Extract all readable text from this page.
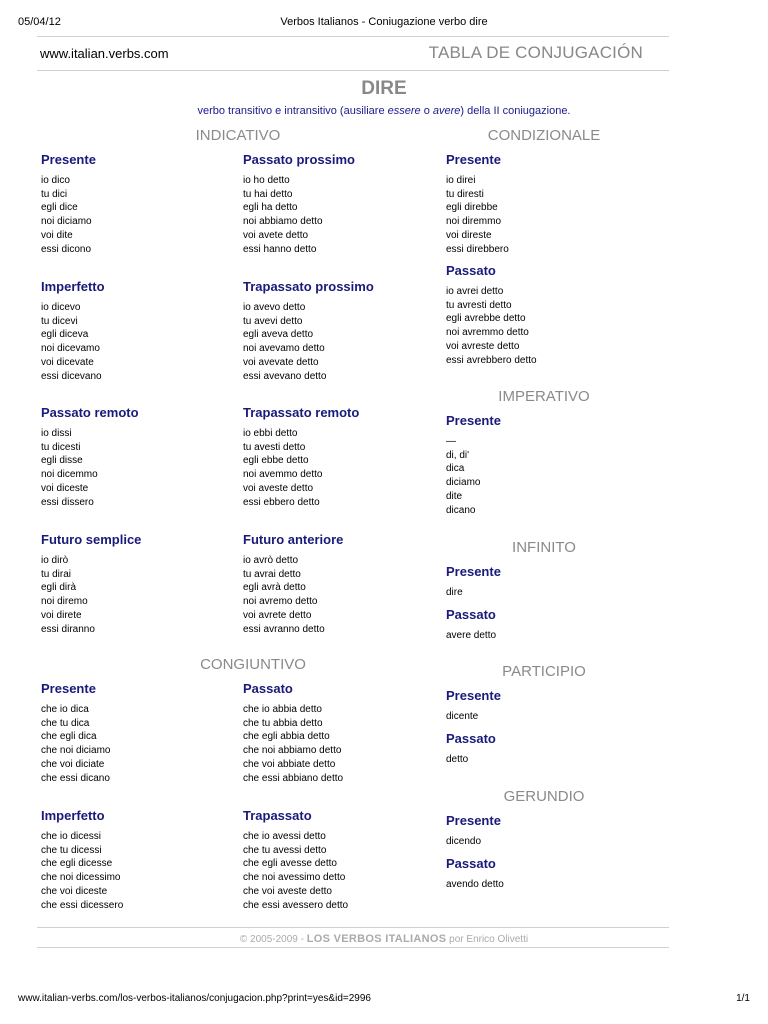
05/04/12	Verbos Italianos - Coniugazione verbo dire
www.italian.verbs.com	TABLA DE CONJUGACIÓN
DIRE
verbo transitivo e intransitivo (ausiliare essere o avere) della II coniugazione.
INDICATIVO
CONGIUNTIVO
CONDIZIONALE
IMPERATIVO
INFINITO
PARTICIPIO
GERUNDIO
Presente
io dico
tu dici
egli dice
noi diciamo
voi dite
essi dicono
Passato prossimo
io ho detto
tu hai detto
egli ha detto
noi abbiamo detto
voi avete detto
essi hanno detto
Imperfetto
io dicevo
tu dicevi
egli diceva
noi dicevamo
voi dicevate
essi dicevano
Trapassato prossimo
io avevo detto
tu avevi detto
egli aveva detto
noi avevamo detto
voi avevate detto
essi avevano detto
Passato remoto
io dissi
tu dicesti
egli disse
noi dicemmo
voi diceste
essi dissero
Trapassato remoto
io ebbi detto
tu avesti detto
egli ebbe detto
noi avemmo detto
voi aveste detto
essi ebbero detto
Futuro semplice
io dirò
tu dirai
egli dirà
noi diremo
voi direte
essi diranno
Futuro anteriore
io avrò detto
tu avrai detto
egli avrà detto
noi avremo detto
voi avrete detto
essi avranno detto
Presente
che io dica
che tu dica
che egli dica
che noi diciamo
che voi diciate
che essi dicano
Passato
che io abbia detto
che tu abbia detto
che egli abbia detto
che noi abbiamo detto
che voi abbiate detto
che essi abbiano detto
Imperfetto
che io dicessi
che tu dicessi
che egli dicesse
che noi dicessimo
che voi diceste
che essi dicessero
Trapassato
che io avessi detto
che tu avessi detto
che egli avesse detto
che noi avessimo detto
che voi aveste detto
che essi avessero detto
Presente
io direi
tu diresti
egli direbbe
noi diremmo
voi direste
essi direbbero
Passato
io avrei detto
tu avresti detto
egli avrebbe detto
noi avremmo detto
voi avreste detto
essi avrebbero detto
Presente
—
di, di'
dica
diciamo
dite
dicano
Presente
dire
Passato
avere detto
Presente
dicente
Passato
detto
Presente
dicendo
Passato
avendo detto
© 2005-2009 - LOS VERBOS ITALIANOS por Enrico Olivetti
www.italian-verbs.com/los-verbos-italianos/conjugacion.php?print=yes&id=2996	1/1
